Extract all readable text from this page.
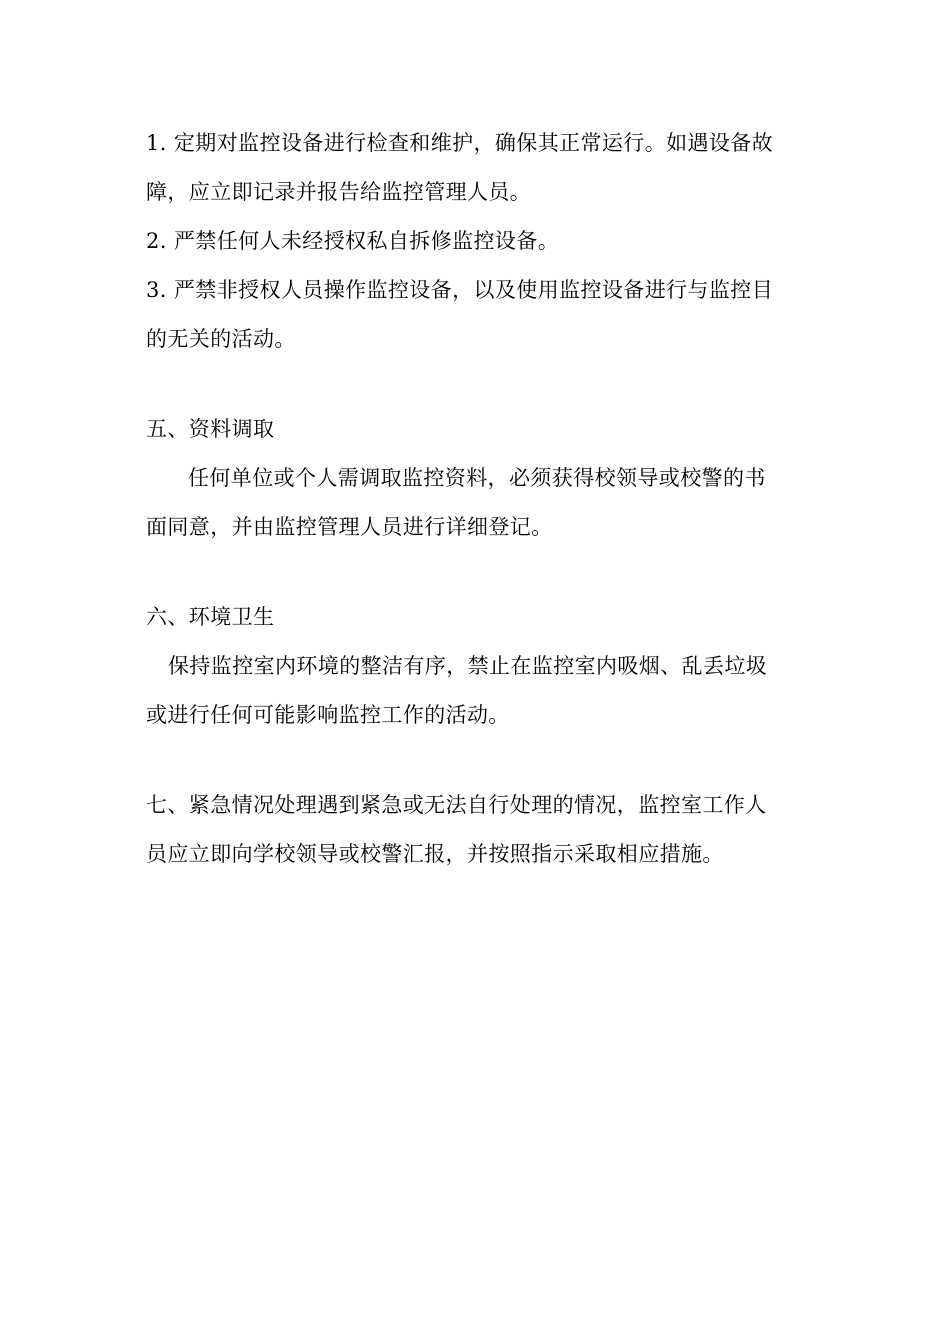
1. 定期对监控设备进行检查和维护，确保其正常运行。如遇设备故

障，应立即记录并报告给监控管理人员。

2. 严禁任何人未经授权私自拆修监控设备。

3. 严禁非授权人员操作监控设备，以及使用监控设备进行与监控目

的无关的活动。

五、资料调取

任何单位或个人需调取监控资料，必须获得校领导或校警的书

面同意，并由监控管理人员进行详细登记。

六、环境卫生

保持监控室内环境的整洁有序，禁止在监控室内吸烟、乱丢垃圾

或进行任何可能影响监控工作的活动。

七、紧急情况处理遇到紧急或无法自行处理的情况，监控室工作人

员应立即向学校领导或校警汇报，并按照指示采取相应措施。
